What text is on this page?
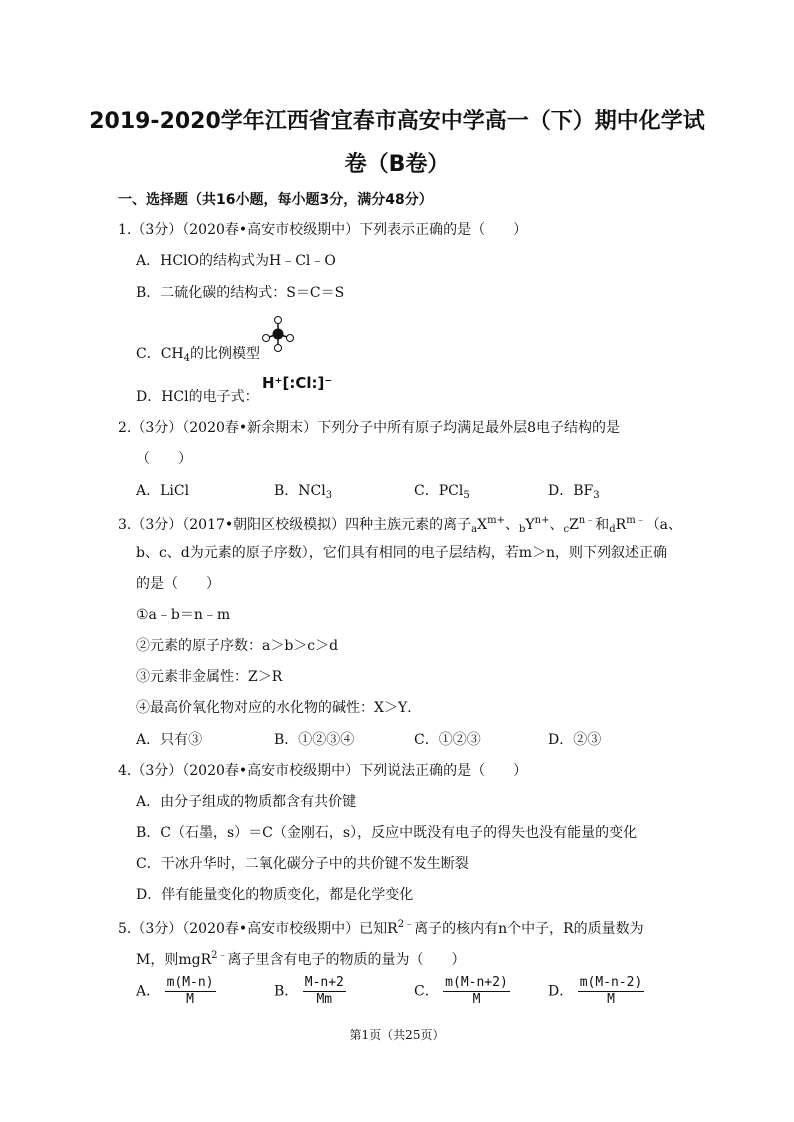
2019-2020学年江西省宜春市高安中学高一（下）期中化学试
卷（B卷）
一、选择题（共16小题，每小题3分，满分48分）
1.（3分）（2020春•高安市校级期中）下列表示正确的是（　　）
A．HClO的结构式为H﹣Cl﹣O
B．二硫化碳的结构式：S＝C＝S
C．$CH_4$的比例模型
D．HCl的电子式：
H⁺[:Cl:]⁻
2.（3分）（2020春•新余期末）下列分子中所有原子均满足最外层8电子结构的是
（　　）
A．LiCl	B．NCl$_3$	C．PCl$_5$	D．$BF_3$
3.（3分）（2017•朝阳区校级模拟）四种主族元素的离子$_aX^{m+}$、$_bY^{n+}$、$_cZ^{n﹣}$和$_dR^{m﹣}(a$、
b、c、d为元素的原子序数），它们具有相同的电子层结构，若m＞n，则下列叙述正确
的是（　　）
①a﹣b＝n﹣m
②元素的原子序数：a＞b＞c＞d
③元素非金属性：Z＞R
④最高价氧化物对应的水化物的碱性：X＞Y．
A．只有③	B．①②③④	C．①②③	D．②③
4.（3分）（2020春•高安市校级期中）下列说法正确的是（　　）
A．由分子组成的物质都含有共价键
B．C（石墨，s）＝C（金刚石，s），反应中既没有电子的得失也没有能量的变化
C．干冰升华时，二氧化碳分子中的共价键不发生断裂
D．伴有能量变化的物质变化，都是化学变化
5.（3分）（2020春•高安市校级期中）已知$R^{2﹣}$离子的核内有n个中子，R的质量数为
M，则mgR$^{2﹣}$离子里含有电子的物质的量为（　　）
A． $\frac{m(M-n)}{M}$	B． $\frac{M-n+2}{Mm}$	C． $\frac{m(M-n+2)}{M}$	D． $\frac{m(M-n-2)}{M}$
第1页（共25页）
